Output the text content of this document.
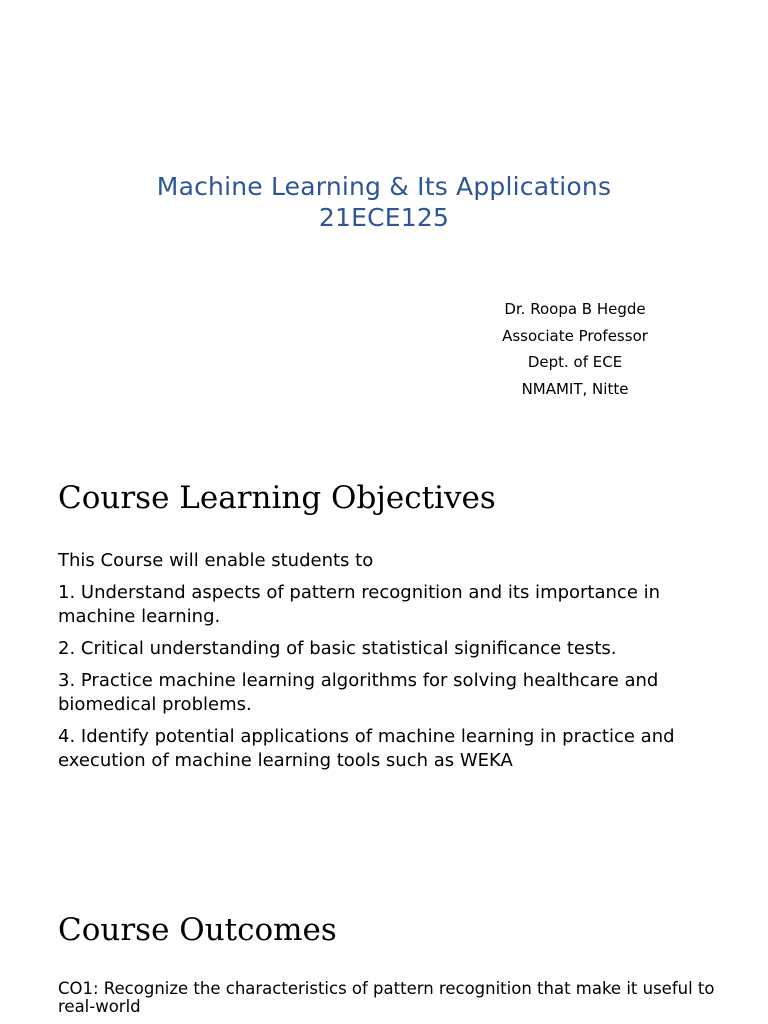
Machine Learning & Its Applications
21ECE125
Dr. Roopa B Hegde
Associate Professor
Dept. of ECE
NMAMIT, Nitte
Course Learning Objectives

This Course will enable students to

1. Understand aspects of pattern recognition and its importance in machine learning.

2. Critical understanding of basic statistical significance tests.

3. Practice machine learning algorithms for solving healthcare and biomedical problems.

4. Identify potential applications of machine learning in practice and execution of machine learning tools such as WEKA

Course Outcomes
CO1: Recognize the characteristics of pattern recognition that make it useful to real-world
